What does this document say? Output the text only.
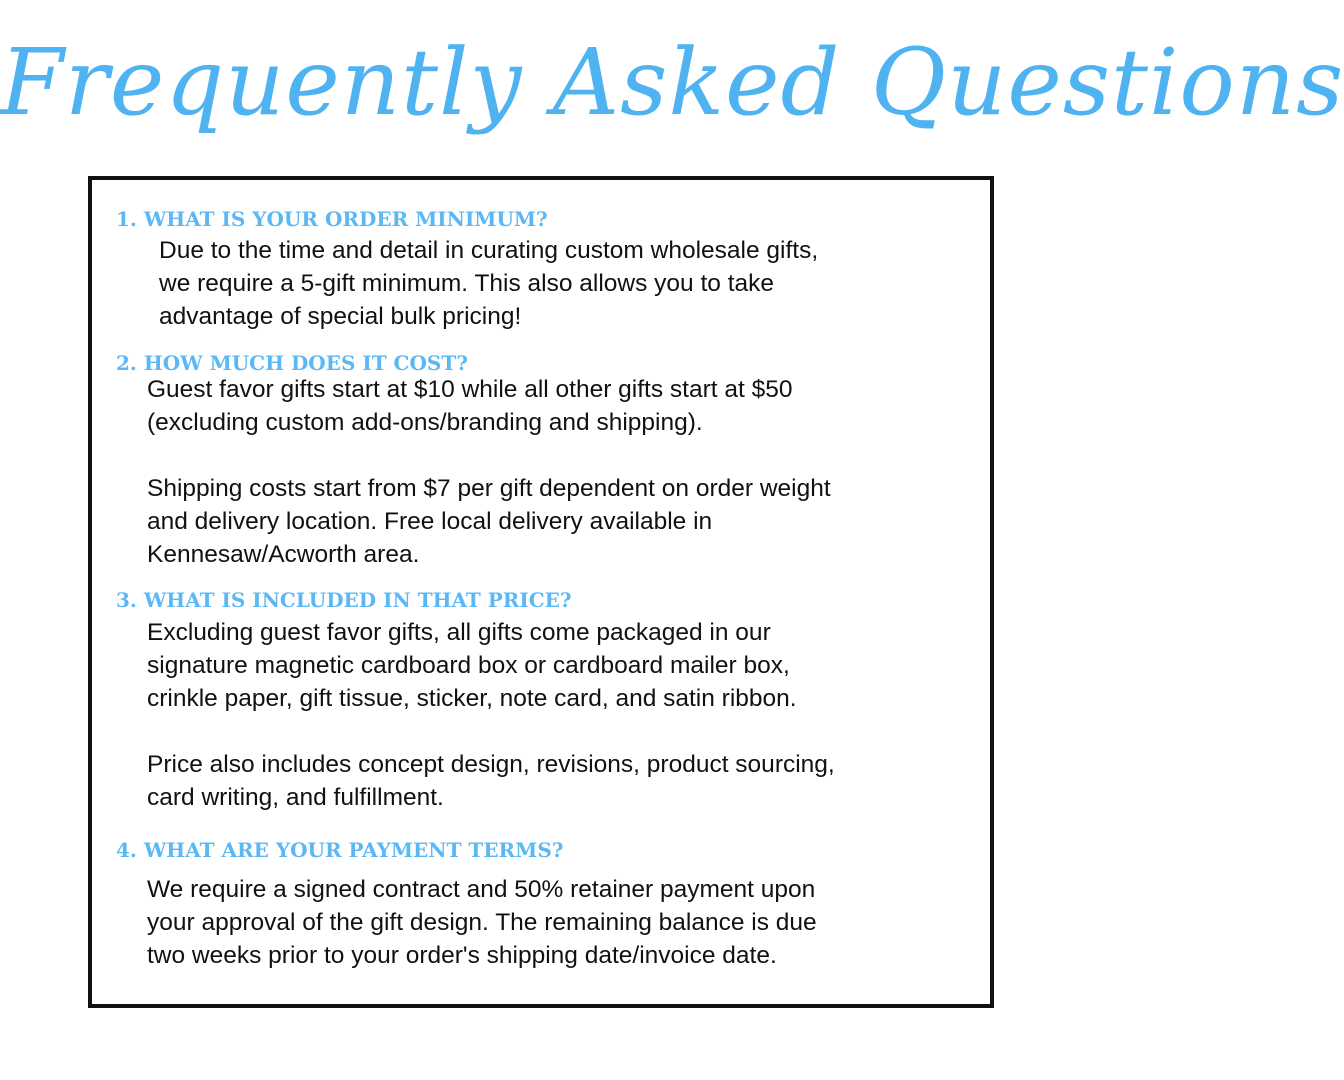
Frequently Asked Questions
1. WHAT IS YOUR ORDER MINIMUM?
Due to the time and detail in curating custom wholesale gifts,
we require a 5-gift minimum. This also allows you to take
advantage of special bulk pricing!
2. HOW MUCH DOES IT COST?
Guest favor gifts start at $10 while all other gifts start at $50
(excluding custom add-ons/branding and shipping).
Shipping costs start from $7 per gift dependent on order weight
and delivery location. Free local delivery available in
Kennesaw/Acworth area.
3. WHAT IS INCLUDED IN THAT PRICE?
Excluding guest favor gifts, all gifts come packaged in our
signature magnetic cardboard box or cardboard mailer box,
crinkle paper, gift tissue, sticker, note card, and satin ribbon.
Price also includes concept design, revisions, product sourcing,
card writing, and fulfillment.
4. WHAT ARE YOUR PAYMENT TERMS?
We require a signed contract and 50% retainer payment upon
your approval of the gift design. The remaining balance is due
two weeks prior to your order's shipping date/invoice date.
